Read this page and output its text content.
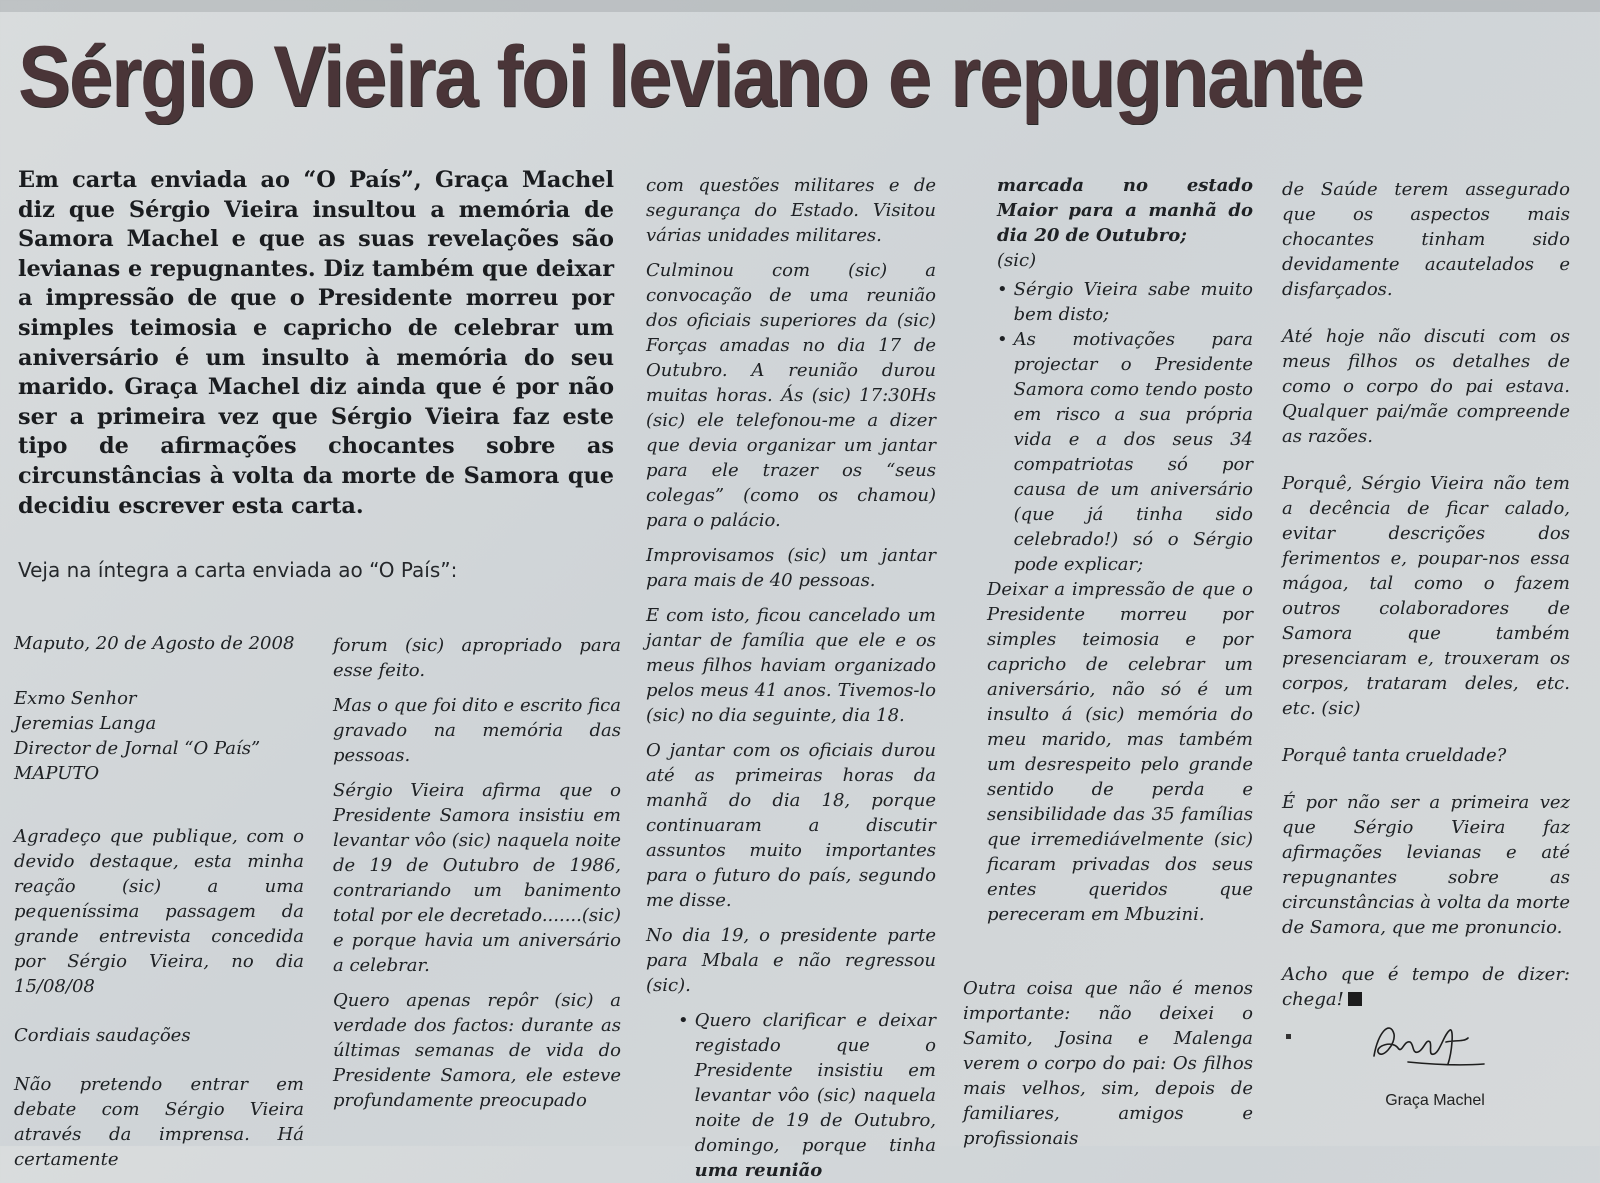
Sérgio Vieira foi leviano e repugnante

Em carta enviada ao “O País”, Graça Machel diz que Sérgio Vieira insultou a memória de Samora Machel e que as suas revelações são levianas e repugnantes. Diz também que deixar a impressão de que o Presidente morreu por simples teimosia e capricho de celebrar um aniversário é um insulto à memória do seu marido. Graça Machel diz ainda que é por não ser a primeira vez que Sérgio Vieira faz este tipo de afirmações chocantes sobre as circunstâncias à volta da morte de Samora que decidiu escrever esta carta.

Veja na íntegra a carta enviada ao “O País”:

Maputo, 20 de Agosto de 2008

Exmo Senhor

Jeremias Langa

Director de Jornal “O País”

MAPUTO

Agradeço que publique, com o devido destaque, esta minha reação (sic) a uma pequeníssima passagem da grande entrevista concedida por Sérgio Vieira, no dia 15/08/08

Cordiais saudações

Não pretendo entrar em debate com Sérgio Vieira através da imprensa. Há certamente

forum (sic) apropriado para esse feito.

Mas o que foi dito e escrito fica gravado na memória das pessoas.

Sérgio Vieira afirma que o Presidente Samora insistiu em levantar vôo (sic) naquela noite de 19 de Outubro de 1986, contrariando um banimento total por ele decretado.......(sic) e porque havia um aniversário a celebrar.

Quero apenas repôr (sic) a verdade dos factos: durante as últimas semanas de vida do Presidente Samora, ele esteve profundamente preocupado

com questões militares e de segurança do Estado. Visitou várias unidades militares.

Culminou com (sic) a convocação de uma reunião dos oficiais superiores da (sic) Forças amadas no dia 17 de Outubro. A reunião durou muitas horas. Ás (sic) 17:30Hs (sic) ele telefonou-me a dizer que devia organizar um jantar para ele trazer os “seus colegas” (como os chamou) para o palácio.

Improvisamos (sic) um jantar para mais de 40 pessoas.

E com isto, ficou cancelado um jantar de família que ele e os meus filhos haviam organizado pelos meus 41 anos. Tivemos-lo (sic) no dia seguinte, dia 18.

O jantar com os oficiais durou até as primeiras horas da manhã do dia 18, porque continuaram a discutir assuntos muito importantes para o futuro do país, segundo me disse.

No dia 19, o presidente parte para Mbala e não regressou (sic).

• Quero clarificar e deixar registado que o Presidente insistiu em levantar vôo (sic) naquela noite de 19 de Outubro, domingo, porque tinha uma reunião

marcada no estado Maior para a manhã do dia 20 de Outubro;

(sic)

• Sérgio Vieira sabe muito bem disto;

• As motivações para projectar o Presidente Samora como tendo posto em risco a sua própria vida e a dos seus 34 compatriotas só por causa de um aniversário (que já tinha sido celebrado!) só o Sérgio pode explicar;

Deixar a impressão de que o Presidente morreu por simples teimosia e por capricho de celebrar um aniversário, não só é um insulto á (sic) memória do meu marido, mas também um desrespeito pelo grande sentido de perda e sensibilidade das 35 famílias que irremediávelmente (sic) ficaram privadas dos seus entes queridos que pereceram em Mbuzini.

Outra coisa que não é menos importante: não deixei o Samito, Josina e Malenga verem o corpo do pai: Os filhos mais velhos, sim, depois de familiares, amigos e profissionais

de Saúde terem assegurado que os aspectos mais chocantes tinham sido devidamente acautelados e disfarçados.

Até hoje não discuti com os meus filhos os detalhes de como o corpo do pai estava. Qualquer pai/mãe compreende as razões.

Porquê, Sérgio Vieira não tem a decência de ficar calado, evitar descrições dos ferimentos e, poupar-nos essa mágoa, tal como o fazem outros colaboradores de Samora que também presenciaram e, trouxeram os corpos, trataram deles, etc. etc. (sic)

Porquê tanta crueldade?

É por não ser a primeira vez que Sérgio Vieira faz afirmações levianas e até repugnantes sobre as circunstâncias à volta da morte de Samora, que me pronuncio.

Acho que é tempo de dizer: chega!

Graça Machel
